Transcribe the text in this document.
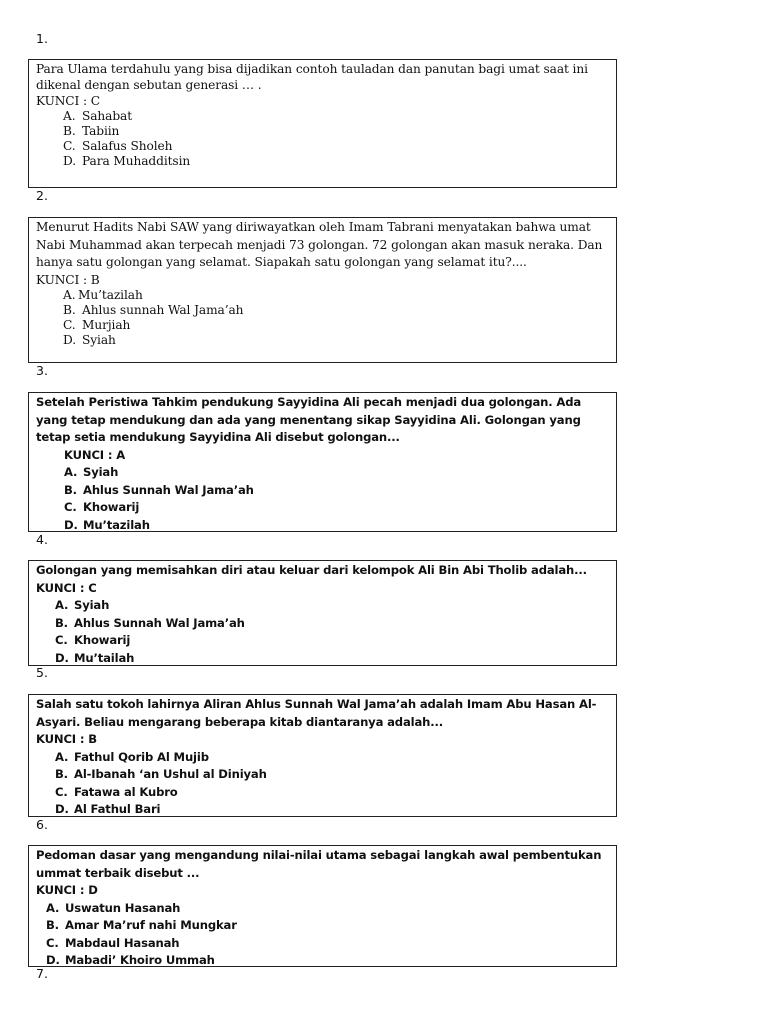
1.
2.
3.
4.
5.
6.
7.

Para Ulama terdahulu yang bisa dijadikan contoh tauladan dan panutan bagi umat saat ini dikenal dengan sebutan generasi … .

KUNCI : C

A. Sahabat
B. Tabiin
C. Salafus Sholeh
D. Para Muhadditsin

Menurut Hadits Nabi SAW yang diriwayatkan oleh Imam Tabrani menyatakan bahwa umat Nabi Muhammad akan terpecah menjadi 73 golongan. 72 golongan akan masuk neraka. Dan hanya satu golongan yang selamat. Siapakah satu golongan yang selamat itu?....

KUNCI : B

A. Mu’tazilah
B. Ahlus sunnah Wal Jama’ah
C. Murjiah
D. Syiah

Setelah Peristiwa Tahkim pendukung Sayyidina Ali pecah menjadi dua golongan. Ada yang tetap mendukung dan ada yang menentang sikap Sayyidina Ali. Golongan yang tetap setia mendukung Sayyidina Ali disebut golongan...

KUNCI : A

A. Syiah
B. Ahlus Sunnah Wal Jama’ah
C. Khowarij
D. Mu’tazilah

Golongan yang memisahkan diri atau keluar dari kelompok Ali Bin Abi Tholib adalah...

KUNCI : C

A. Syiah
B. Ahlus Sunnah Wal Jama’ah
C. Khowarij
D. Mu’tailah

Salah satu tokoh lahirnya Aliran Ahlus Sunnah Wal Jama’ah adalah Imam Abu Hasan Al-Asyari. Beliau mengarang beberapa kitab diantaranya adalah...

KUNCI : B

A. Fathul Qorib Al Mujib
B. Al-Ibanah ‘an Ushul al Diniyah
C. Fatawa al Kubro
D. Al Fathul Bari

Pedoman dasar yang mengandung nilai-nilai utama sebagai langkah awal pembentukan ummat terbaik disebut ...

KUNCI : D

A. Uswatun Hasanah
B. Amar Ma’ruf nahi Mungkar
C. Mabdaul Hasanah
D. Mabadi’ Khoiro Ummah
